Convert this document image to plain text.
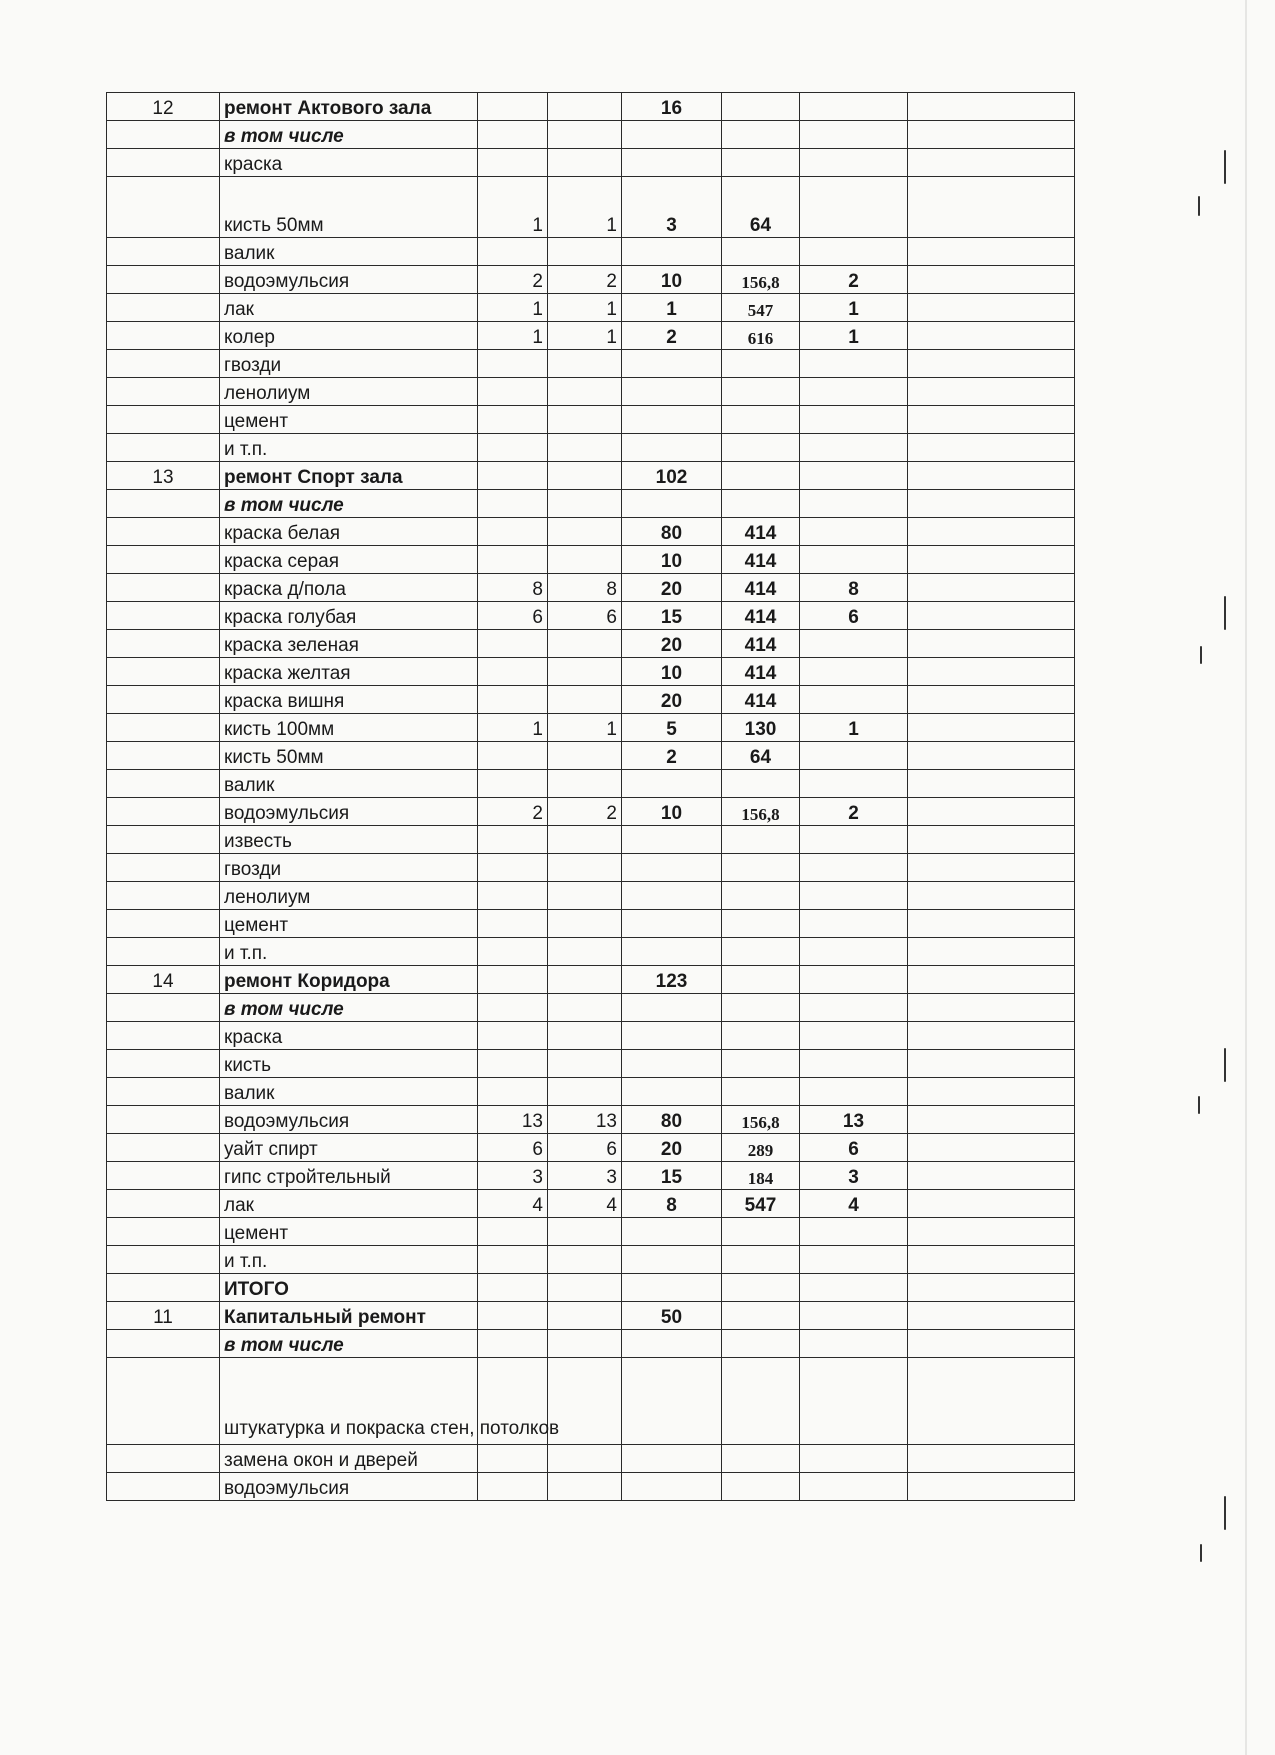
12	ремонт Актового зала			16			
	в том числе						
	краска						
	кисть 50мм	1	1	3	64		
	валик						
	водоэмульсия	2	2	10	156,8	2	
	лак	1	1	1	547	1	
	колер	1	1	2	616	1	
	гвозди						
	ленолиум						
	цемент						
	и т.п.						
13	ремонт Спорт зала			102			
	в том числе						
	краска белая			80	414		
	краска серая			10	414		
	краска д/пола	8	8	20	414	8	
	краска голубая	6	6	15	414	6	
	краска зеленая			20	414		
	краска желтая			10	414		
	краска вишня			20	414		
	кисть 100мм	1	1	5	130	1	
	кисть 50мм			2	64		
	валик						
	водоэмульсия	2	2	10	156,8	2	
	известь						
	гвозди						
	ленолиум						
	цемент						
	и т.п.						
14	ремонт Коридора			123			
	в том числе						
	краска						
	кисть						
	валик						
	водоэмульсия	13	13	80	156,8	13	
	уайт спирт	6	6	20	289	6	
	гипс стройтельный	3	3	15	184	3	
	лак	4	4	8	547	4	
	цемент						
	и т.п.						
	ИТОГО						
11	Капитальный ремонт			50			
	в том числе						
	штукатурка и покраска стен, потолков						
	замена окон и дверей						
	водоэмульсия						
